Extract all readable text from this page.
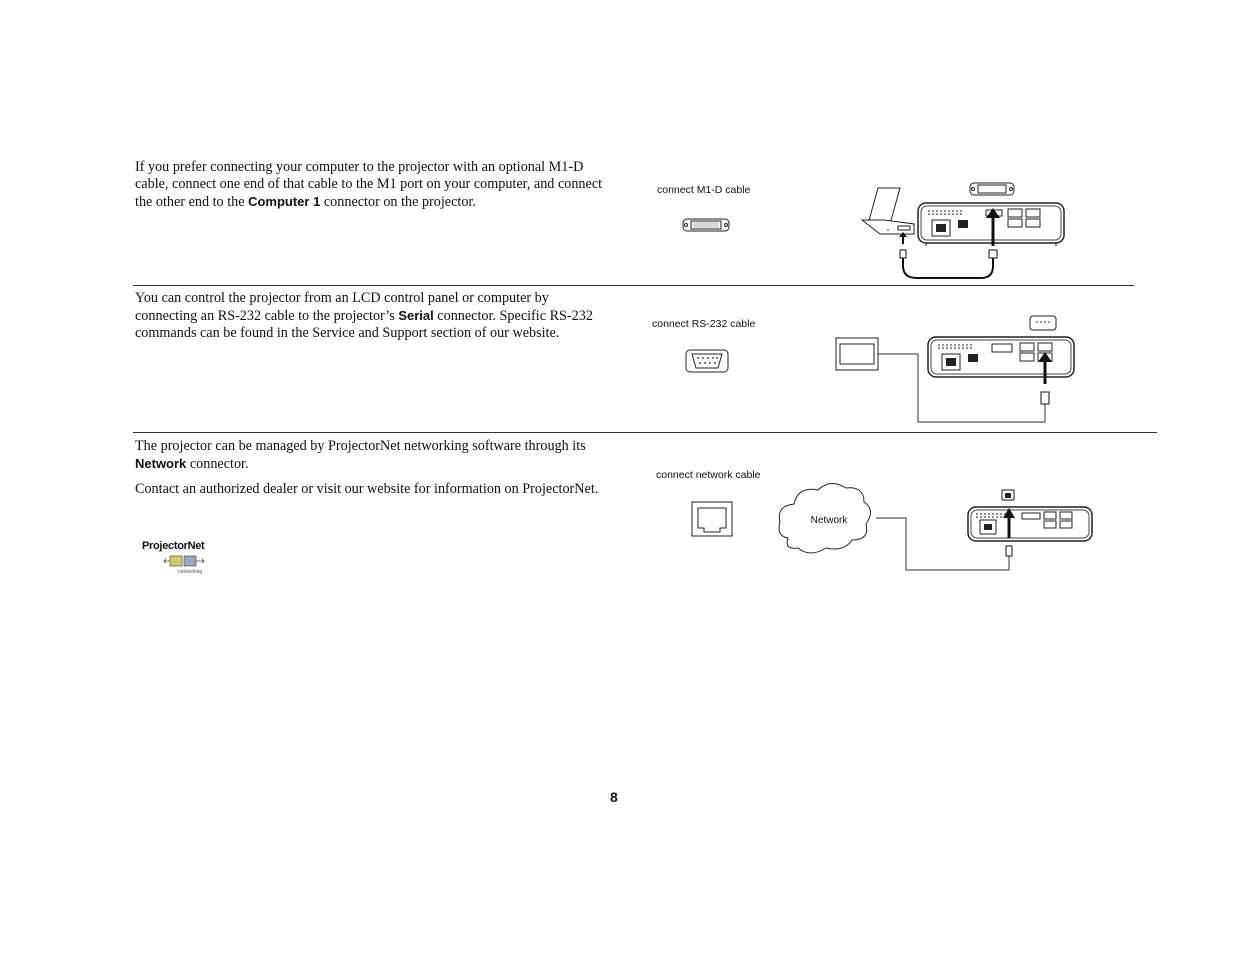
If you prefer connecting your computer to the projector with an optional M1-D cable, connect one end of that cable to the M1 port on your computer, and connect the other end to the Computer 1 connector on the projector.

connect M1-D cable

You can control the projector from an LCD control panel or computer by connecting an RS-232 cable to the projector’s Serial connector. Specific RS-232 commands can be found in the Service and Support section of our website.

connect RS-232 cable

The projector can be managed by ProjectorNet networking software through its Network connector.

Contact an authorized dealer or visit our website for information on ProjectorNet.

ProjectorNet
networking
connect network cable
Network
8
